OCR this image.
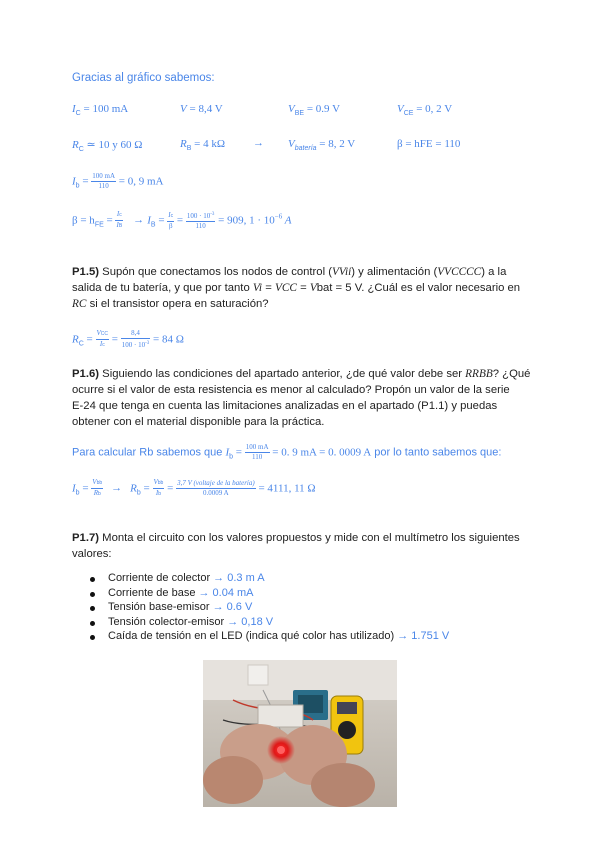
Gracias al gráfico sabemos:
$I_C = 100$ mA	V = 8,4 V	$V_{BE} = 0.9$ V	$V_{CE} = 0$, 2 V
$R_C$ ≃ 10 y 60 Ω	$R_B = 4$ kΩ	→ $V_{batería} = 8$, 2 V	β = hFE = 110
$I_b = \frac{100 mA}{110} = 0$, 9 mA
$\beta = h_{FE} = \frac{Ic}{IB} \to I_B = \frac{Ic}{\beta} = \frac{100 \cdot 10^{-3}}{110} = 909$, $1 \cdot 10^{-6}$ A
P1.5) Supón que conectamos los nodos de control (VVii) y alimentación (VVCCCC) a la
salida de tu batería, y que por tanto Vi = VCC = Vbat = 5 V. ¿Cuál es el valor necesario en
RC si el transistor opera en saturación?
$R_C = \frac{\text{VCC}}{Ic} = \frac{8,4}{100 \cdot 10^{-3}} = 84$ Ω
P1.6) Siguiendo las condiciones del apartado anterior, ¿de qué valor debe ser RRBB? ¿Qué
ocurre si el valor de esta resistencia es menor al calculado? Propón un valor de la serie
E-24 que tenga en cuenta las limitaciones analizadas en el apartado (P1.1) y puedas
obtener con el material disponible para la práctica.
Para calcular Rb sabemos que $I_b = \frac{100 mA}{110} = 0$. 9 mA = 0. 0009 A por lo tanto sabemos que:
$I_b = \frac{\text{Vbb}}{Rb} \to R_b = \frac{\text{Vbb}}{Ib} = \frac{\text{3,7 V (voltaje de la batería)}}{0.0009 A} = 4111$, 11 Ω
P1.7) Monta el circuito con los valores propuestos y mide con el multímetro los siguientes
valores:
Corriente de colector → 0.3 m A
Corriente de base → 0.04 mA
Tensión base-emisor → 0.6 V
Tensión colector-emisor → 0,18 V
Caída de tensión en el LED (indica qué color has utilizado) → 1.751 V
